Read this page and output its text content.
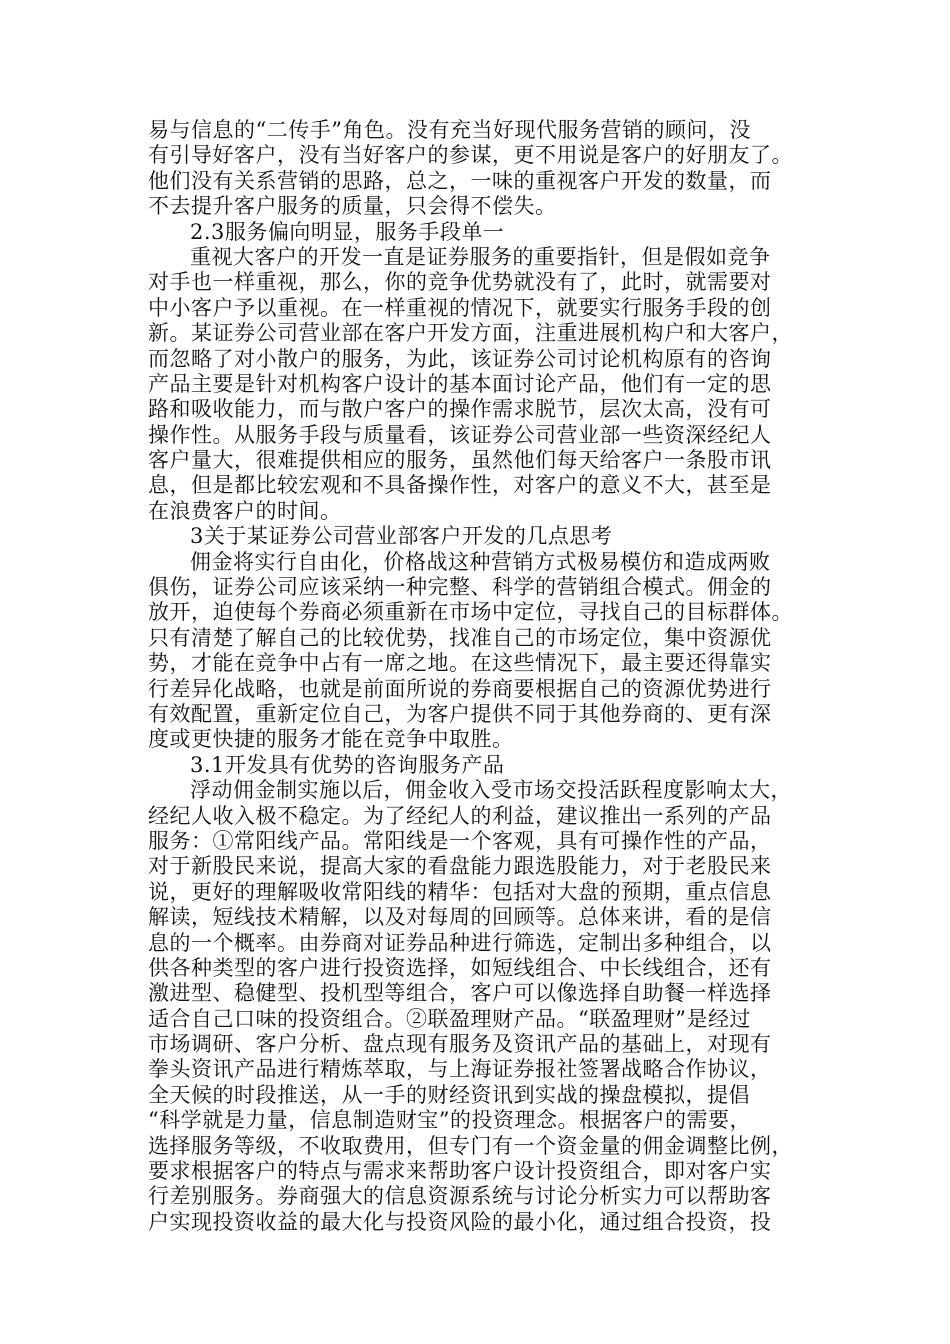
易与信息的“二传手”角色。没有充当好现代服务营销的顾问，没
有引导好客户，没有当好客户的参谋，更不用说是客户的好朋友了。
他们没有关系营销的思路，总之，一味的重视客户开发的数量，而
不去提升客户服务的质量，只会得不偿失。
2.3服务偏向明显，服务手段单一
重视大客户的开发一直是证券服务的重要指针，但是假如竞争
对手也一样重视，那么，你的竞争优势就没有了，此时，就需要对
中小客户予以重视。在一样重视的情况下，就要实行服务手段的创
新。某证券公司营业部在客户开发方面，注重进展机构户和大客户，
而忽略了对小散户的服务，为此，该证券公司讨论机构原有的咨询
产品主要是针对机构客户设计的基本面讨论产品，他们有一定的思
路和吸收能力，而与散户客户的操作需求脱节，层次太高，没有可
操作性。从服务手段与质量看，该证券公司营业部一些资深经纪人
客户量大，很难提供相应的服务，虽然他们每天给客户一条股市讯
息，但是都比较宏观和不具备操作性，对客户的意义不大，甚至是
在浪费客户的时间。
3关于某证券公司营业部客户开发的几点思考
佣金将实行自由化，价格战这种营销方式极易模仿和造成两败
俱伤，证券公司应该采纳一种完整、科学的营销组合模式。佣金的
放开，迫使每个券商必须重新在市场中定位，寻找自己的目标群体。
只有清楚了解自己的比较优势，找准自己的市场定位，集中资源优
势，才能在竞争中占有一席之地。在这些情况下，最主要还得靠实
行差异化战略，也就是前面所说的券商要根据自己的资源优势进行
有效配置，重新定位自己，为客户提供不同于其他券商的、更有深
度或更快捷的服务才能在竞争中取胜。
3.1开发具有优势的咨询服务产品
浮动佣金制实施以后，佣金收入受市场交投活跃程度影响太大，
经纪人收入极不稳定。为了经纪人的利益，建议推出一系列的产品
服务：①常阳线产品。常阳线是一个客观，具有可操作性的产品，
对于新股民来说，提高大家的看盘能力跟选股能力，对于老股民来
说，更好的理解吸收常阳线的精华：包括对大盘的预期，重点信息
解读，短线技术精解，以及对每周的回顾等。总体来讲，看的是信
息的一个概率。由券商对证券品种进行筛选，定制出多种组合，以
供各种类型的客户进行投资选择，如短线组合、中长线组合，还有
激进型、稳健型、投机型等组合，客户可以像选择自助餐一样选择
适合自己口味的投资组合。②联盈理财产品。“联盈理财”是经过
市场调研、客户分析、盘点现有服务及资讯产品的基础上，对现有
拳头资讯产品进行精炼萃取，与上海证券报社签署战略合作协议，
全天候的时段推送，从一手的财经资讯到实战的操盘模拟，提倡
“科学就是力量，信息制造财宝”的投资理念。根据客户的需要，
选择服务等级，不收取费用，但专门有一个资金量的佣金调整比例，
要求根据客户的特点与需求来帮助客户设计投资组合，即对客户实
行差别服务。券商强大的信息资源系统与讨论分析实力可以帮助客
户实现投资收益的最大化与投资风险的最小化，通过组合投资，投
